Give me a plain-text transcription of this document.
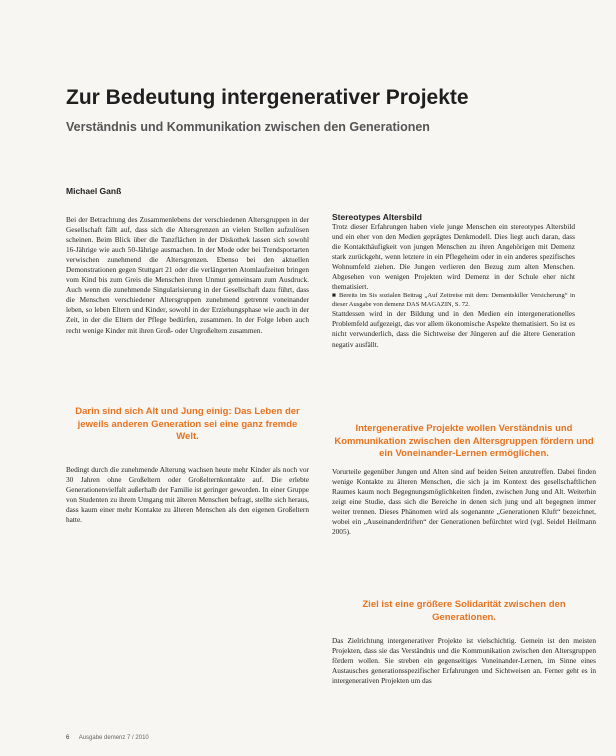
Zur Bedeutung intergenerativer Projekte
Verständnis und Kommunikation zwischen den Generationen
Michael Ganß

Bei der Betrachtung des Zusammenlebens der verschiedenen Altersgruppen in der Gesellschaft fällt auf, dass sich die Altersgrenzen an vielen Stellen aufzulösen scheinen. Beim Blick über die Tanzflächen in der Diskothek lassen sich sowohl 16-Jährige wie auch 50-Jährige ausmachen. In der Mode oder bei Trendsportarten verwischen zunehmend die Altersgrenzen. Ebenso bei den aktuellen Demonstrationen gegen Stuttgart 21 oder die verlängerten Atomlaufzeiten bringen vom Kind bis zum Greis die Menschen ihren Unmut gemeinsam zum Ausdruck. Auch wenn die zunehmende Singularisierung in der Gesellschaft dazu führt, dass die Menschen verschiedener Altersgruppen zunehmend getrennt voneinander leben, so leben Eltern und Kinder, sowohl in der Erziehungsphase wie auch in der Zeit, in der die Eltern der Pflege bedürfen, zusammen. In der Folge leben auch recht wenige Kinder mit ihren Groß- oder Urgroßeltern zusammen.

Darin sind sich Alt und Jung einig: Das Leben der jeweils anderen Generation sei eine ganz fremde Welt.

Bedingt durch die zunehmende Alterung wachsen heute mehr Kinder als noch vor 30 Jahren ohne Großeltern oder Großelternkontakte auf. Die erlebte Generationenvielfalt außerhalb der Familie ist geringer geworden. In einer Gruppe von Studenten zu ihrem Umgang mit älteren Menschen befragt, stellte sich heraus, dass kaum einer mehr Kontakte zu älteren Menschen als den eigenen Großeltern hatte.

Stereotypes Altersbild

Trotz dieser Erfahrungen haben viele junge Menschen ein stereotypes Altersbild und ein eher von den Medien geprägtes Denkmodell. Dies liegt auch daran, dass die Kontakthäufigkeit von jungen Menschen zu ihren Angehörigen mit Demenz stark zurückgeht, wenn letztere in ein Pflegeheim oder in ein anderes spezifisches Wohnumfeld ziehen. Die Jungen verlieren den Bezug zum alten Menschen. Abgesehen von wenigen Projekten wird Demenz in der Schule eher nicht thematisiert.

■ Bereits im Sis sozialen Beitrag „Auf Zeitreise mit dem: Dementskiller Versicherung“ in dieser Ausgabe von demenz DAS MAGAZIN, S. 72.

Stattdessen wird in der Bildung und in den Medien ein intergenerationelles Problemfeld aufgezeigt, das vor allem ökonomische Aspekte thematisiert. So ist es nicht verwunderlich, dass die Sichtweise der Jüngeren auf die ältere Generation negativ ausfällt.

Intergenerative Projekte wollen Verständnis und Kommunikation zwischen den Altersgruppen fördern und ein Voneinander-Lernen ermöglichen.

Vorurteile gegenüber Jungen und Alten sind auf beiden Seiten anzutreffen. Dabei finden wenige Kontakte zu älteren Menschen, die sich ja im Kontext des gesellschaftlichen Raumes kaum noch Begegnungsmöglichkeiten finden, zwischen Jung und Alt. Weiterhin zeigt eine Studie, dass sich die Bereiche in denen sich jung und alt begegnen immer weiter trennen. Dieses Phänomen wird als sogenannte „Generationen Kluft“ bezeichnet, wobei ein „Auseinanderdriften“ der Generationen befürchtet wird (vgl. Seidel Heilmann 2005).

Ziel ist eine größere Solidarität zwischen den Generationen.

Das Zielrichtung intergenerativer Projekte ist vielschichtig. Gemein ist den meisten Projekten, dass sie das Verständnis und die Kommunikation zwischen den Altersgruppen fördern wollen. Sie streben ein gegenseitiges Voneinander-Lernen, im Sinne eines Austausches generationsspezifischer Erfahrungen und Sichtweisen an. Ferner geht es in intergenerativen Projekten um das

6 Ausgabe demenz 7 / 2010
